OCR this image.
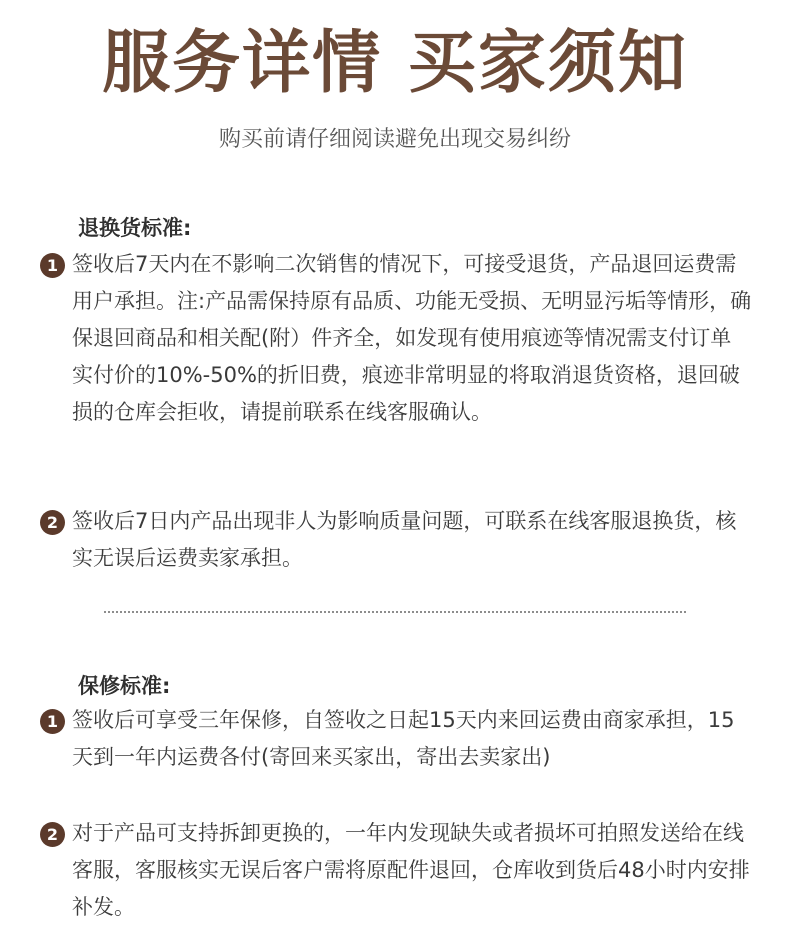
服务详情 买家须知
购买前请仔细阅读避免出现交易纠纷
退换货标准:
1 签收后7天内在不影响二次销售的情况下，可接受退货，产品退回运费需用户承担。注:产品需保持原有品质、功能无受损、无明显污垢等情形，确保退回商品和相关配(附）件齐全，如发现有使用痕迹等情况需支付订单实付价的10%-50%的折旧费，痕迹非常明显的将取消退货资格，退回破损的仓库会拒收，请提前联系在线客服确认。
2 签收后7日内产品出现非人为影响质量问题，可联系在线客服退换货，核实无误后运费卖家承担。
保修标准:
1 签收后可享受三年保修，自签收之日起15天内来回运费由商家承担，15天到一年内运费各付(寄回来买家出，寄出去卖家出)
2 对于产品可支持拆卸更换的，一年内发现缺失或者损坏可拍照发送给在线客服，客服核实无误后客户需将原配件退回，仓库收到货后48小时内安排补发。
